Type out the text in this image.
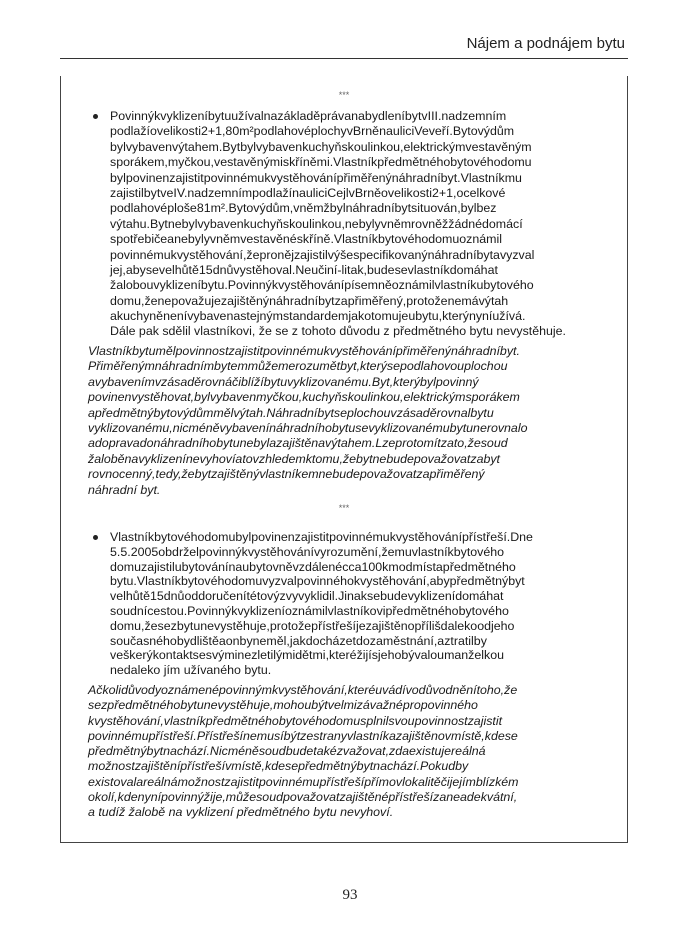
Nájem a podnájem bytu
***
PovinnýkvyklizeníbytuužívalnazákladěprávanabydleníbytvIII.nadzemním
podlažíovelikosti2+1,80m²podlahovéplochyvBrněnauliciVeveří.Bytovýdům
bylvybavenvýtahem.Bytbylvybavenkuchyňskoulinkou,elektrickýmvestavěným
sporákem,myčkou,vestavěnýmiskříněmi.Vlastníkpředmětnéhobytovéhodomu
bylpovinenzajistitpovinnémukvystěhovánípřiměřenýnáhradníbyt.Vlastníkmu
zajistilbytveIV.nadzemnímpodlažínauliciCejlvBrněovelikosti2+1,ocelkové
podlahovéploše81m².Bytovýdům,vněmžbylnáhradníbytsituován,bylbez
výtahu.Bytnebylvybavenkuchyňskoulinkou,nebylyvněmrovněžžádnédomácí
spotřebičeanebylyvněmvestavěnéskříně.Vlastníkbytovéhodomuoznámil
povinnémukvystěhování,žepronějzajistilvýšespecifikovanýnáhradníbytavyzval
jej,abysevelhůtě15dnůvystěhoval.Neučiní-litak,budesevlastníkdomáhat
žalobouvyklizeníbytu.Povinnýkvystěhovánípísemněoznámilvlastníkubytového
domu,ženepovažujezajištěnýnáhradníbytzapřiměřený,protoženemávýtah
akuchyněnenívybavenastejnýmstandardemjakotomujeubytu,kterýnyníužívá.
Dále pak sdělil vlastníkovi, že se z tohoto důvodu z předmětného bytu nevystěhuje.
Vlastníkbytumělpovinnostzajistitpovinnémukvystěhovánípřiměřenýnáhradníbyt.
Přiměřenýmnáhradnímbytemmůžemerozumětbyt,kterýsepodlahovouplochou
avybavenímvzásaděrovnáčiblížíbytuvyklizovanému.Byt,kterýbylpovinný
povinenvystěhovat,bylvybavenmyčkou,kuchyňskoulinkou,elektrickýmsporákem
apředmětnýbytovýdůmmělvýtah.Náhradníbytseplochouvzásaděrovnalbytu
vyklizovanému,nicméněvybavenínáhradníhobytusevyklizovanémubytunerovnalo
adopravadonáhradníhobytunebylazajištěnavýtahem.Lzeprotomítzato,žesoud
žaloběnavyklizenínevyhovíatovzhledemktomu,žebytnebudepovažovatzabyt
rovnocenný,tedy,žebytzajištěnývlastníkemnebudepovažovatzapřiměřený
náhradní byt.
***
Vlastníkbytovéhodomubylpovinenzajistitpovinnémukvystěhovánípřístřeší.Dne
5.5.2005obdrželpovinnýkvystěhovánívyrozumění,žemuvlastníkbytového
domuzajistilubytovánínaubytovněvzdálenécca100kmodmístapředmětného
bytu.Vlastníkbytovéhodomuvyzvalpovinnéhokvystěhování,abypředmětnýbyt
velhůtě15dnůoddoručenítétovýzvyvyklidil.Jinaksebudevyklizenídomáhat
soudnícestou.Povinnýkvyklizeníoznámilvlastníkovipředmětnéhobytového
domu,žesezbytunevystěhuje,protožepřístřešíjezajištěnopřílišdalekoodjeho
současnéhobydlištěaonbyneměl,jakdocházetdozaměstnání,aztratilby
veškerýkontaktsesvýminezletilýmidětmi,kteréžijísjehobývaloumanželkou
nedaleko jím užívaného bytu.
Ačkolidůvodyoznámenépovinnýmkvystěhování,kteréuvádívodůvodněnítoho,že
sezpředmětnéhobytunevystěhuje,mohoubýtvelmizávažnépropovinného
kvystěhování,vlastníkpředmětnéhobytovéhodomusplnilsvoupovinnostzajistit
povinnémupřístřeší.Přístřešínemusíbýtzestranyvlastníkazajištěnovmístě,kdese
předmětnýbytnachází.Nicméněsoudbudetakézvažovat,zdaexistujereálná
možnostzajištěnípřístřešívmístě,kdesepředmětnýbytnachází.Pokudby
existovalareálnámožnostzajistitpovinnémupřístřešípřímovlokalitěčijejímblízkém
okolí,kdenynípovinnýžije,můžesoudpovažovatzajištěnépřístřešízaneadekvátní,
a tudíž žalobě na vyklizení předmětného bytu nevyhoví.
93
